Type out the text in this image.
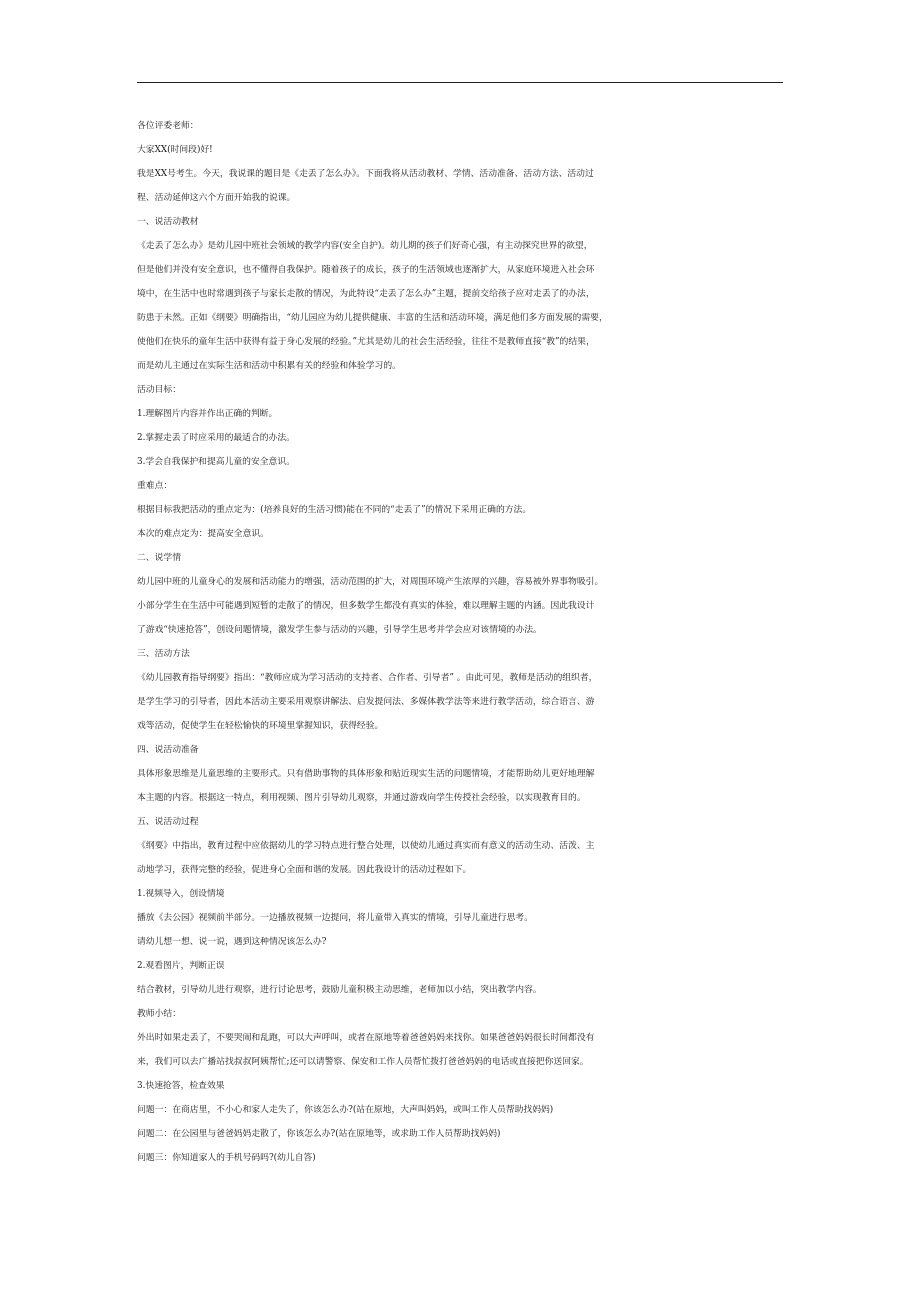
各位评委老师：

大家XX(时间段)好!

我是XX号考生。今天，我说课的题目是《走丢了怎么办》。下面我将从活动教材、学情、活动准备、活动方法、活动过

程、活动延伸这六个方面开始我的说课。

一、说活动教材

《走丢了怎么办》是幼儿园中班社会领域的教学内容(安全自护)。幼儿期的孩子们好奇心强，有主动探究世界的欲望，

但是他们并没有安全意识，也不懂得自我保护。随着孩子的成长，孩子的生活领域也逐渐扩大，从家庭环境进入社会环

境中，在生活中也时常遇到孩子与家长走散的情况，为此特设“走丢了怎么办”主题，提前交给孩子应对走丢了的办法，

防患于未然。正如《纲要》明确指出，“幼儿园应为幼儿提供健康、丰富的生活和活动环境，满足他们多方面发展的需要，

使他们在快乐的童年生活中获得有益于身心发展的经验。”尤其是幼儿的社会生活经验，往往不是教师直接“教”的结果，

而是幼儿主通过在实际生活和活动中积累有关的经验和体验学习的。

活动目标：

1.理解图片内容并作出正确的判断。

2.掌握走丢了时应采用的最适合的办法。

3.学会自我保护和提高儿童的安全意识。

重难点：

根据目标我把活动的重点定为：(培养良好的生活习惯)能在不同的“走丢了”的情况下采用正确的方法。

本次的难点定为：提高安全意识。

二、说学情

幼儿园中班的儿童身心的发展和活动能力的增强，活动范围的扩大，对周围环境产生浓厚的兴趣，容易被外界事物吸引。

小部分学生在生活中可能遇到短暂的走散了的情况，但多数学生都没有真实的体验，难以理解主题的内涵。因此我设计

了游戏“快速抢答”，创设问题情境，激发学生参与活动的兴趣，引导学生思考并学会应对该情境的办法。

三、活动方法

《幼儿园教育指导纲要》指出：“教师应成为学习活动的支持者、合作者、引导者” 。由此可见，教师是活动的组织者，

是学生学习的引导者，因此本活动主要采用观察讲解法、启发提问法、多媒体教学法等来进行教学活动，综合语言、游

戏等活动，促使学生在轻松愉快的环境里掌握知识，获得经验。

四、说活动准备

具体形象思维是儿童思维的主要形式。只有借助事物的具体形象和贴近现实生活的问题情境，才能帮助幼儿更好地理解

本主题的内容。根据这一特点，利用视频、图片引导幼儿观察，并通过游戏向学生传授社会经验，以实现教育目的。

五、说活动过程

《纲要》中指出，教育过程中应依据幼儿的学习特点进行整合处理，以使幼儿通过真实而有意义的活动生动、活泼、主

动地学习，获得完整的经验，促进身心全面和谐的发展。因此我设计的活动过程如下。

1.视频导入，创设情境

播放《去公园》视频前半部分。一边播放视频一边提问，将儿童带入真实的情境，引导儿童进行思考。

请幼儿想一想、说一说，遇到这种情况该怎么办?

2.观看图片，判断正误

结合教材，引导幼儿进行观察，进行讨论思考，鼓励儿童积极主动思维，老师加以小结，突出教学内容。

教师小结：

外出时如果走丢了，不要哭闹和乱跑，可以大声呼叫，或者在原地等着爸爸妈妈来找你。如果爸爸妈妈很长时间都没有

来，我们可以去广播站找叔叔阿姨帮忙;还可以请警察、保安和工作人员帮忙拨打爸爸妈妈的电话或直接把你送回家。

3.快速抢答，检查效果

问题一：在商店里，不小心和家人走失了，你该怎么办?(站在原地，大声叫妈妈，或叫工作人员帮助找妈妈)

问题二：在公园里与爸爸妈妈走散了，你该怎么办?(站在原地等，或求助工作人员帮助找妈妈)

问题三：你知道家人的手机号码吗?(幼儿自答)
